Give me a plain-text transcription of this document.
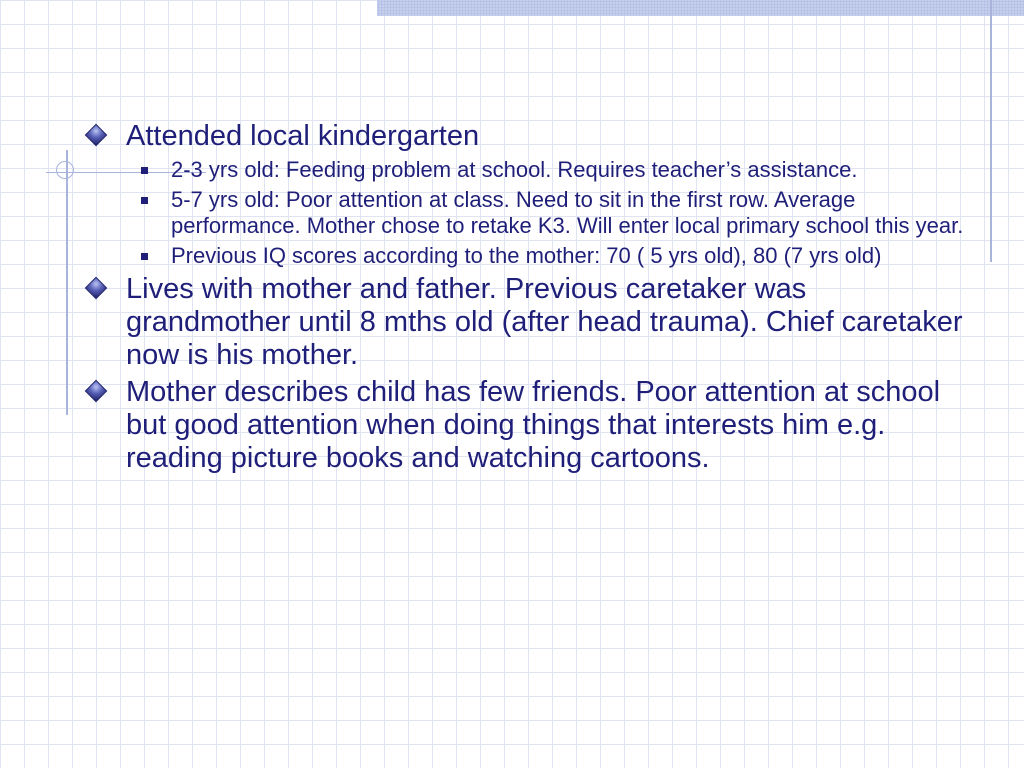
Attended local kindergarten
2-3 yrs old: Feeding problem at school. Requires teacher’s assistance.
5-7 yrs old: Poor attention at class. Need to sit in the first row. Average performance. Mother chose to retake K3. Will enter local primary school this year.
Previous IQ scores according to the mother: 70 ( 5 yrs old), 80 (7 yrs old)
Lives with mother and father. Previous caretaker was grandmother until 8 mths old (after head trauma). Chief caretaker now is his mother.
Mother describes child has few friends. Poor attention at school but good attention when doing things that interests him e.g. reading picture books and watching cartoons.
